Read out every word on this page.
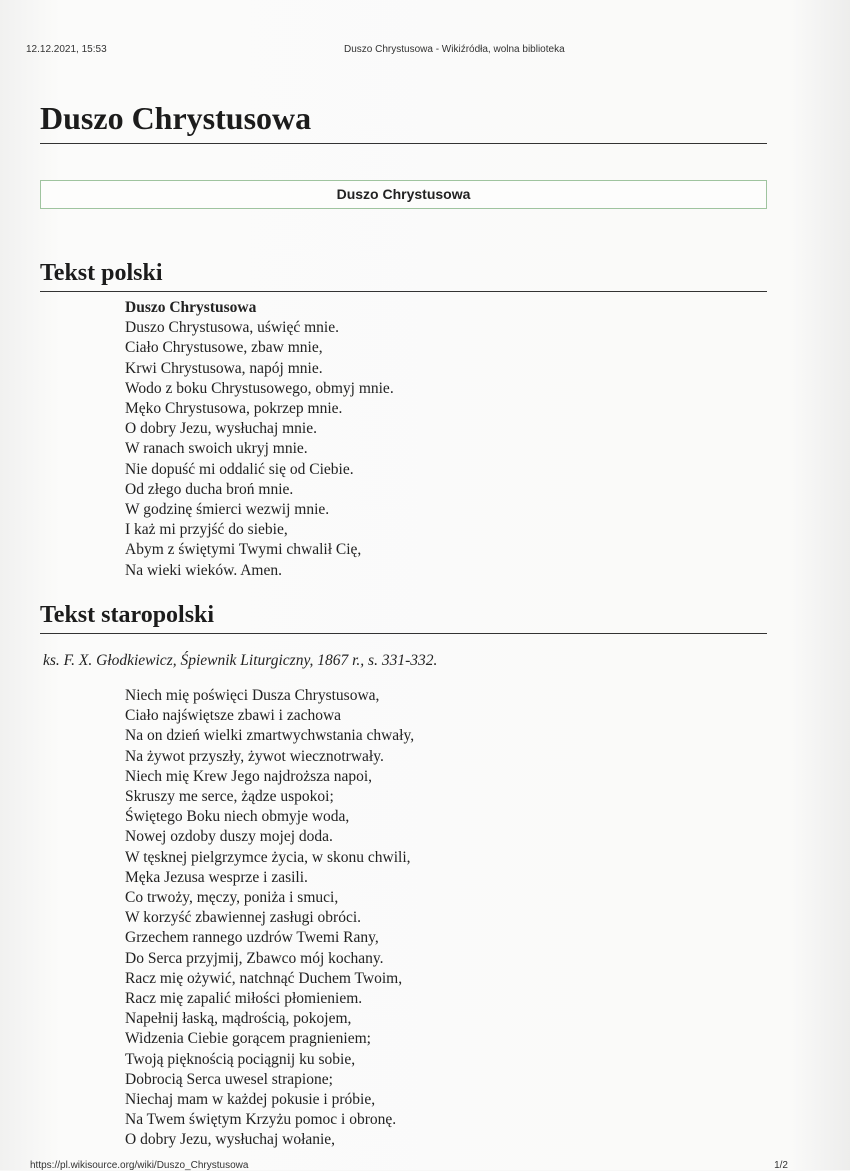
12.12.2021, 15:53	Duszo Chrystusowa - Wikiźródła, wolna biblioteka
Duszo Chrystusowa
Duszo Chrystusowa
Tekst polski
Duszo Chrystusowa
Duszo Chrystusowa, uświęć mnie.
Ciało Chrystusowe, zbaw mnie,
Krwi Chrystusowa, napój mnie.
Wodo z boku Chrystusowego, obmyj mnie.
Męko Chrystusowa, pokrzep mnie.
O dobry Jezu, wysłuchaj mnie.
W ranach swoich ukryj mnie.
Nie dopuść mi oddalić się od Ciebie.
Od złego ducha broń mnie.
W godzinę śmierci wezwij mnie.
I każ mi przyjść do siebie,
Abym z świętymi Twymi chwalił Cię,
Na wieki wieków. Amen.
Tekst staropolski
ks. F. X. Głodkiewicz, Śpiewnik Liturgiczny, 1867 r., s. 331-332.
Niech mię poświęci Dusza Chrystusowa,
Ciało najświętsze zbawi i zachowa
Na on dzień wielki zmartwychwstania chwały,
Na żywot przyszły, żywot wiecznotrwały.
Niech mię Krew Jego najdroższa napoi,
Skruszy me serce, żądze uspokoi;
Świętego Boku niech obmyje woda,
Nowej ozdoby duszy mojej doda.
W tęsknej pielgrzymce życia, w skonu chwili,
Męka Jezusa wesprze i zasili.
Co trwoży, męczy, poniża i smuci,
W korzyść zbawiennej zasługi obróci.
Grzechem rannego uzdrów Twemi Rany,
Do Serca przyjmij, Zbawco mój kochany.
Racz mię ożywić, natchnąć Duchem Twoim,
Racz mię zapalić miłości płomieniem.
Napełnij łaską, mądrością, pokojem,
Widzenia Ciebie gorącem pragnieniem;
Twoją pięknością pociągnij ku sobie,
Dobrocią Serca uwesel strapione;
Niechaj mam w każdej pokusie i próbie,
Na Twem świętym Krzyżu pomoc i obronę.
O dobry Jezu, wysłuchaj wołanie,
https://pl.wikisource.org/wiki/Duszo_Chrystusowa	1/2
